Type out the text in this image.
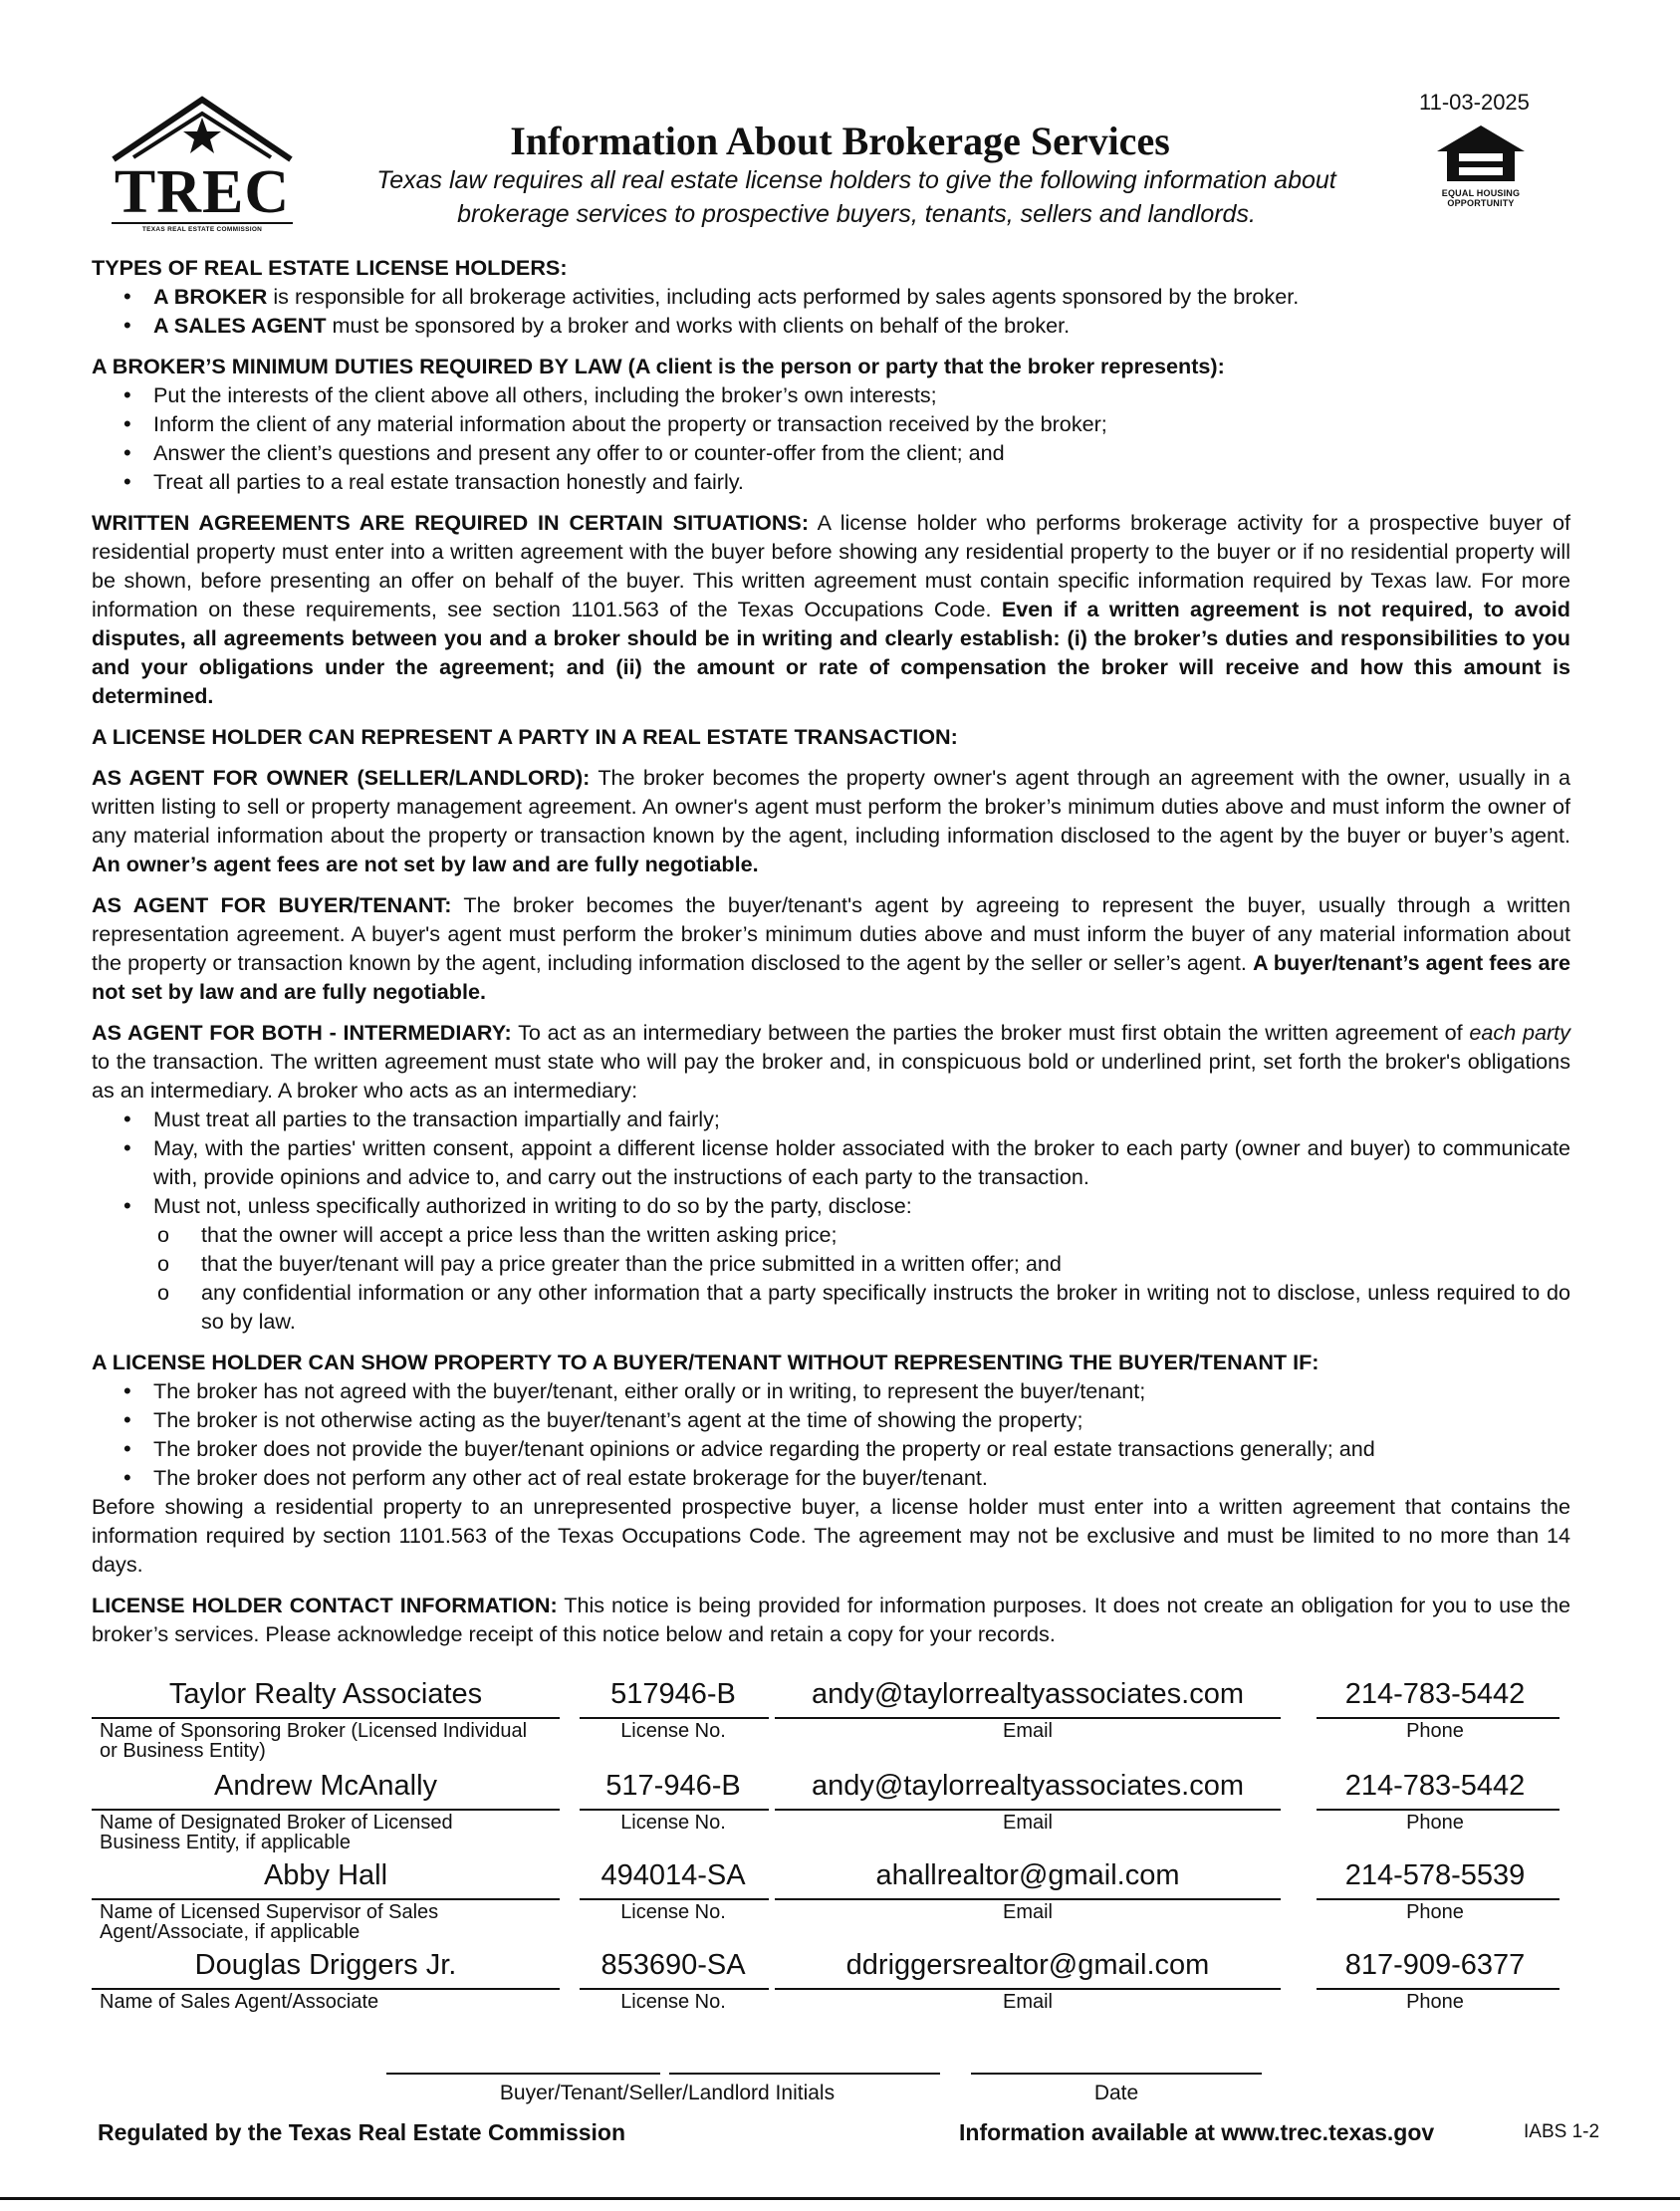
TREC
TEXAS REAL ESTATE COMMISSION
11-03-2025
EQUAL HOUSING
OPPORTUNITY
Information About Brokerage Services
Texas law requires all real estate license holders to give the following information about
brokerage services to prospective buyers, tenants, sellers and landlords.
TYPES OF REAL ESTATE LICENSE HOLDERS:
• A BROKER is responsible for all brokerage activities, including acts performed by sales agents sponsored by the broker.
• A SALES AGENT must be sponsored by a broker and works with clients on behalf of the broker.
A BROKER’S MINIMUM DUTIES REQUIRED BY LAW (A client is the person or party that the broker represents):
• Put the interests of the client above all others, including the broker’s own interests;
• Inform the client of any material information about the property or transaction received by the broker;
• Answer the client’s questions and present any offer to or counter-offer from the client; and
• Treat all parties to a real estate transaction honestly and fairly.

WRITTEN AGREEMENTS ARE REQUIRED IN CERTAIN SITUATIONS: A license holder who performs brokerage activity for a prospective buyer of residential property must enter into a written agreement with the buyer before showing any residential property to the buyer or if no residential property will be shown, before presenting an offer on behalf of the buyer. This written agreement must contain specific information required by Texas law. For more information on these requirements, see section 1101.563 of the Texas Occupations Code. Even if a written agreement is not required, to avoid disputes, all agreements between you and a broker should be in writing and clearly establish: (i) the broker’s duties and responsibilities to you and your obligations under the agreement; and (ii) the amount or rate of compensation the broker will receive and how this amount is determined.

A LICENSE HOLDER CAN REPRESENT A PARTY IN A REAL ESTATE TRANSACTION:

AS AGENT FOR OWNER (SELLER/LANDLORD): The broker becomes the property owner's agent through an agreement with the owner, usually in a written listing to sell or property management agreement. An owner's agent must perform the broker’s minimum duties above and must inform the owner of any material information about the property or transaction known by the agent, including information disclosed to the agent by the buyer or buyer’s agent. An owner’s agent fees are not set by law and are fully negotiable.

AS AGENT FOR BUYER/TENANT: The broker becomes the buyer/tenant's agent by agreeing to represent the buyer, usually through a written representation agreement. A buyer's agent must perform the broker’s minimum duties above and must inform the buyer of any material information about the property or transaction known by the agent, including information disclosed to the agent by the seller or seller’s agent. A buyer/tenant’s agent fees are not set by law and are fully negotiable.

AS AGENT FOR BOTH - INTERMEDIARY: To act as an intermediary between the parties the broker must first obtain the written agreement of each party to the transaction. The written agreement must state who will pay the broker and, in conspicuous bold or underlined print, set forth the broker's obligations as an intermediary. A broker who acts as an intermediary:

• Must treat all parties to the transaction impartially and fairly;
• May, with the parties' written consent, appoint a different license holder associated with the broker to each party (owner and buyer) to communicate with, provide opinions and advice to, and carry out the instructions of each party to the transaction.
• Must not, unless specifically authorized in writing to do so by the party, disclose:
o that the owner will accept a price less than the written asking price;
o that the buyer/tenant will pay a price greater than the price submitted in a written offer; and
o any confidential information or any other information that a party specifically instructs the broker in writing not to disclose, unless required to do so by law.
A LICENSE HOLDER CAN SHOW PROPERTY TO A BUYER/TENANT WITHOUT REPRESENTING THE BUYER/TENANT IF:
• The broker has not agreed with the buyer/tenant, either orally or in writing, to represent the buyer/tenant;
• The broker is not otherwise acting as the buyer/tenant’s agent at the time of showing the property;
• The broker does not provide the buyer/tenant opinions or advice regarding the property or real estate transactions generally; and
• The broker does not perform any other act of real estate brokerage for the buyer/tenant.

Before showing a residential property to an unrepresented prospective buyer, a license holder must enter into a written agreement that contains the information required by section 1101.563 of the Texas Occupations Code. The agreement may not be exclusive and must be limited to no more than 14 days.

LICENSE HOLDER CONTACT INFORMATION: This notice is being provided for information purposes. It does not create an obligation for you to use the broker’s services. Please acknowledge receipt of this notice below and retain a copy for your records.

Taylor Realty Associates	517946-B	andy@taylorrealtyassociates.com	214-783-5442
Name of Sponsoring Broker (Licensed Individual or Business Entity)
License No.	Email	Phone
Andrew McAnally	517-946-B	andy@taylorrealtyassociates.com	214-783-5442
Name of Designated Broker of Licensed Business Entity, if applicable
License No.	Email	Phone
Abby Hall	494014-SA	ahallrealtor@gmail.com	214-578-5539
Name of Licensed Supervisor of Sales Agent/Associate, if applicable
License No.	Email	Phone
Douglas Driggers Jr.	853690-SA	ddriggersrealtor@gmail.com	817-909-6377
Name of Sales Agent/Associate	License No.	Email	Phone
Buyer/Tenant/Seller/Landlord Initials	Date
Regulated by the Texas Real Estate Commission	Information available at www.trec.texas.gov	IABS 1-2
